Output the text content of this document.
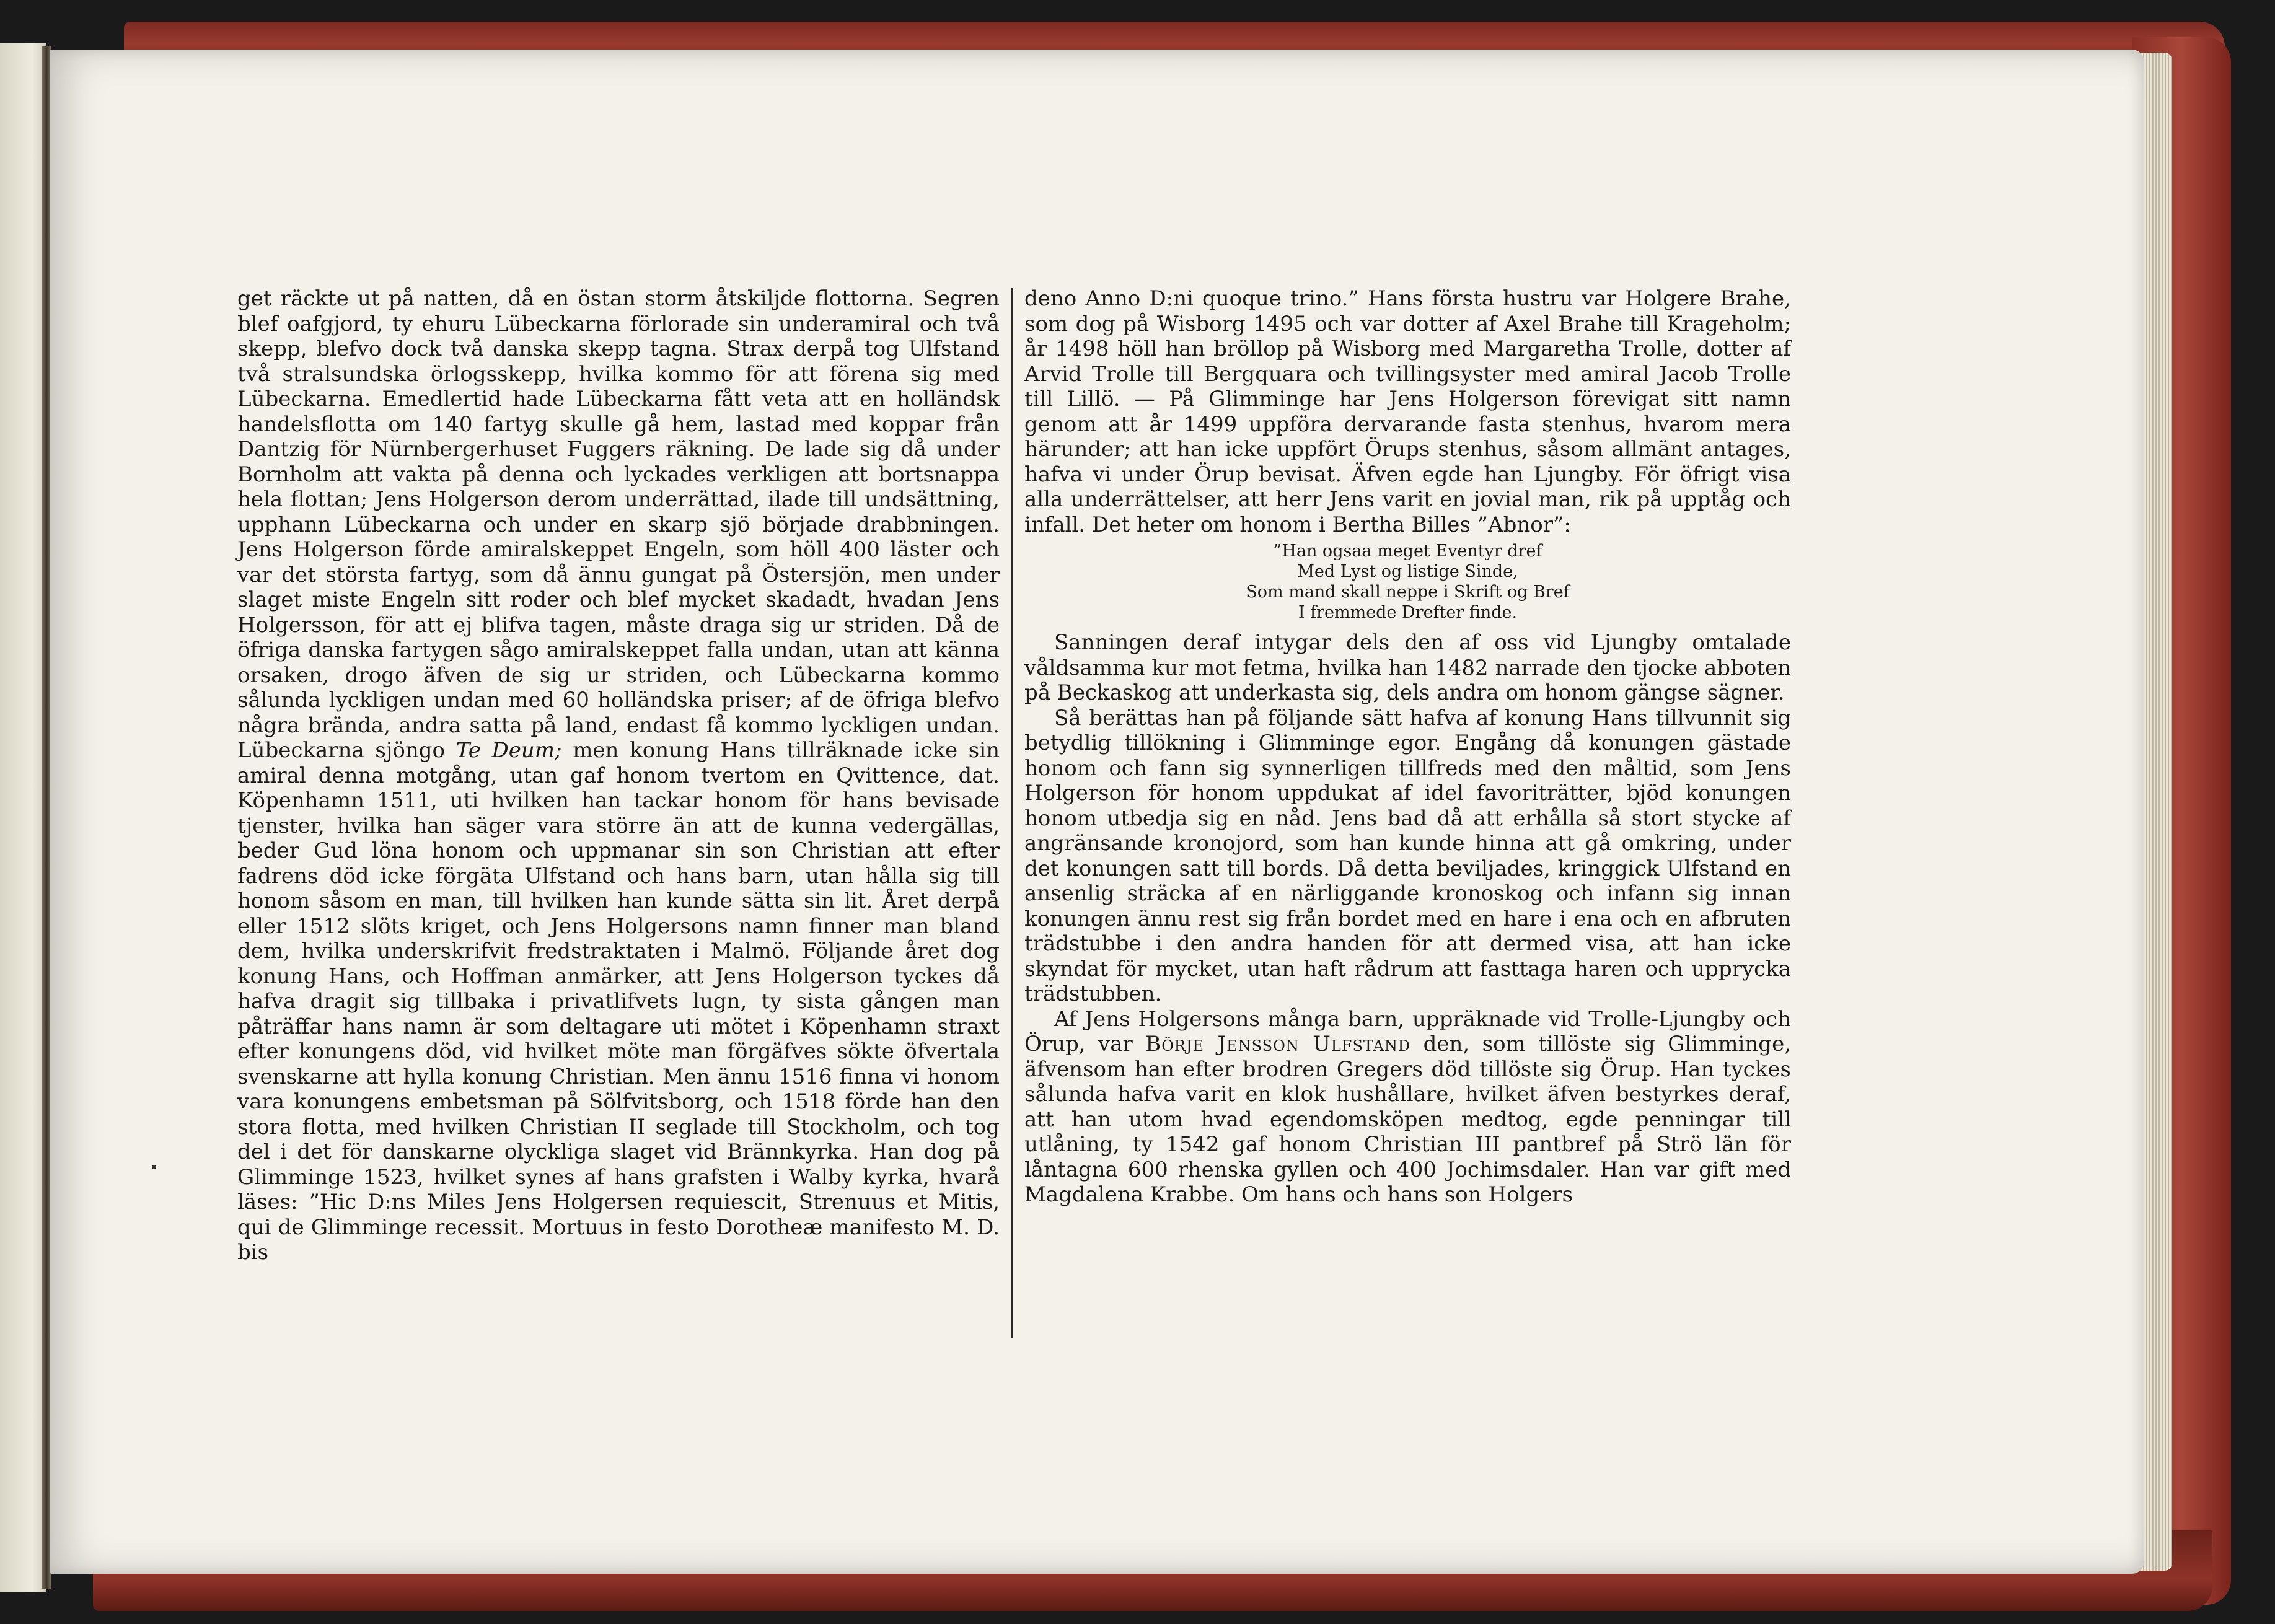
get räckte ut på natten, då en östan storm åtskiljde flottorna. Segren blef oafgjord, ty ehuru Lübeckarna förlorade sin underamiral och två skepp, blefvo dock två danska skepp tagna. Strax derpå tog Ulfstand två stralsundska örlogsskepp, hvilka kommo för att förena sig med Lübeckarna. Emedlertid hade Lübeckarna fått veta att en holländsk handelsflotta om 140 fartyg skulle gå hem, lastad med koppar från Dantzig för Nürnbergerhuset Fuggers räkning. De lade sig då under Bornholm att vakta på denna och lyckades verkligen att bortsnappa hela flottan; Jens Holgerson derom underrättad, ilade till undsättning, upphann Lübeckarna och under en skarp sjö började drabbningen. Jens Holgerson förde amiralskeppet Engeln, som höll 400 läster och var det största fartyg, som då ännu gungat på Östersjön, men under slaget miste Engeln sitt roder och blef mycket skadadt, hvadan Jens Holgersson, för att ej blifva tagen, måste draga sig ur striden. Då de öfriga danska fartygen sågo amiralskeppet falla undan, utan att känna orsaken, drogo äfven de sig ur striden, och Lübeckarna kommo sålunda lyckligen undan med 60 holländska priser; af de öfriga blefvo några brända, andra satta på land, endast få kommo lyckligen undan. Lübeckarna sjöngo Te Deum; men konung Hans tillräknade icke sin amiral denna motgång, utan gaf honom tvertom en Qvittence, dat. Köpenhamn 1511, uti hvilken han tackar honom för hans bevisade tjenster, hvilka han säger vara större än att de kunna vedergällas, beder Gud löna honom och uppmanar sin son Christian att efter fadrens död icke förgäta Ulfstand och hans barn, utan hålla sig till honom såsom en man, till hvilken han kunde sätta sin lit. Året derpå eller 1512 slöts kriget, och Jens Holgersons namn finner man bland dem, hvilka underskrifvit fredstraktaten i Malmö. Följande året dog konung Hans, och Hoffman anmärker, att Jens Holgerson tyckes då hafva dragit sig tillbaka i privatlifvets lugn, ty sista gången man påträffar hans namn är som deltagare uti mötet i Köpenhamn straxt efter konungens död, vid hvilket möte man förgäfves sökte öfvertala svenskarne att hylla konung Christian. Men ännu 1516 finna vi honom vara konungens embetsman på Sölfvitsborg, och 1518 förde han den stora flotta, med hvilken Christian II seglade till Stockholm, och tog del i det för danskarne olyckliga slaget vid Brännkyrka. Han dog på Glimminge 1523, hvilket synes af hans grafsten i Walby kyrka, hvarå läses: ”Hic D:ns Miles Jens Holgersen requiescit, Strenuus et Mitis, qui de Glimminge recessit. Mortuus in festo Dorotheæ manifesto M. D. bis

deno Anno D:ni quoque trino.” Hans första hustru var Holgere Brahe, som dog på Wisborg 1495 och var dotter af Axel Brahe till Krageholm; år 1498 höll han bröllop på Wisborg med Margaretha Trolle, dotter af Arvid Trolle till Bergquara och tvillingsyster med amiral Jacob Trolle till Lillö. — På Glimminge har Jens Holgerson förevigat sitt namn genom att år 1499 uppföra dervarande fasta stenhus, hvarom mera härunder; att han icke uppfört Örups stenhus, såsom allmänt antages, hafva vi under Örup bevisat. Äfven egde han Ljungby. För öfrigt visa alla underrättelser, att herr Jens varit en jovial man, rik på upptåg och infall. Det heter om honom i Bertha Billes ”Abnor”:

”Han ogsaa meget Eventyr dref
Med Lyst og listige Sinde,
Som mand skall neppe i Skrift og Bref
I fremmede Drefter finde.

Sanningen deraf intygar dels den af oss vid Ljungby omtalade våldsamma kur mot fetma, hvilka han 1482 narrade den tjocke abboten på Beckaskog att underkasta sig, dels andra om honom gängse sägner.

Så berättas han på följande sätt hafva af konung Hans tillvunnit sig betydlig tillökning i Glimminge egor. Engång då konungen gästade honom och fann sig synnerligen tillfreds med den måltid, som Jens Holgerson för honom uppdukat af idel favoriträtter, bjöd konungen honom utbedja sig en nåd. Jens bad då att erhålla så stort stycke af angränsande kronojord, som han kunde hinna att gå omkring, under det konungen satt till bords. Då detta beviljades, kringgick Ulfstand en ansenlig sträcka af en närliggande kronoskog och infann sig innan konungen ännu rest sig från bordet med en hare i ena och en afbruten trädstubbe i den andra handen för att dermed visa, att han icke skyndat för mycket, utan haft rådrum att fasttaga haren och upprycka trädstubben.

Af Jens Holgersons många barn, uppräknade vid Trolle-Ljungby och Örup, var Börje Jensson Ulfstand den, som tillöste sig Glimminge, äfvensom han efter brodren Gregers död tillöste sig Örup. Han tyckes sålunda hafva varit en klok hushållare, hvilket äfven bestyrkes deraf, att han utom hvad egendomsköpen medtog, egde penningar till utlåning, ty 1542 gaf honom Christian III pantbref på Strö län för låntagna 600 rhenska gyllen och 400 Jochimsdaler. Han var gift med Magdalena Krabbe. Om hans och hans son Holgers
